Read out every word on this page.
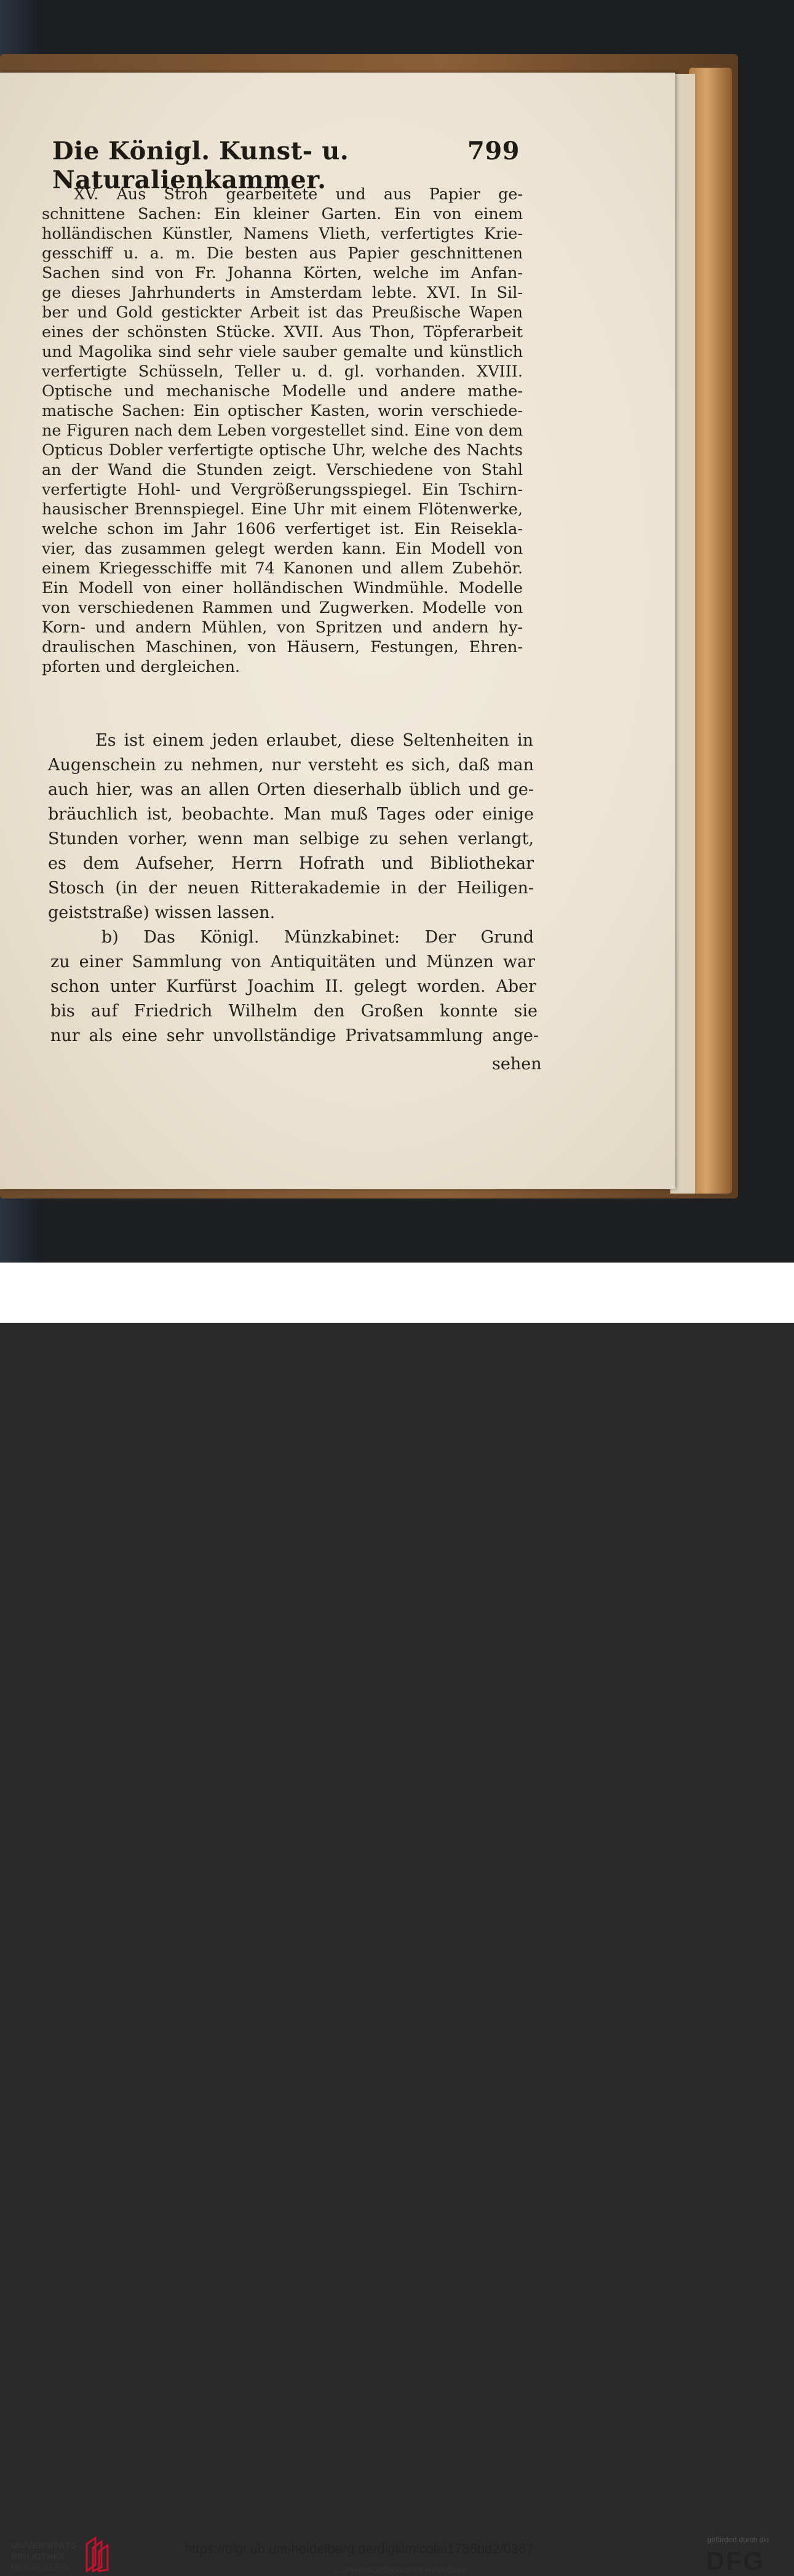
Die Königl. Kunst- u. Naturalienkammer.
799
XV. Aus Stroh gearbeitete und aus Papier ge-
schnittene Sachen: Ein kleiner Garten. Ein von einem
holländischen Künstler, Namens Vlieth, verfertigtes Krie-
gesschiff u. a. m. Die besten aus Papier geschnittenen
Sachen sind von Fr. Johanna Körten, welche im Anfan-
ge dieses Jahrhunderts in Amsterdam lebte. XVI. In Sil-
ber und Gold gestickter Arbeit ist das Preußische Wapen
eines der schönsten Stücke. XVII. Aus Thon, Töpferarbeit
und Magolika sind sehr viele sauber gemalte und künstlich
verfertigte Schüsseln, Teller u. d. gl. vorhanden. XVIII.
Optische und mechanische Modelle und andere mathe-
matische Sachen: Ein optischer Kasten, worin verschiede-
ne Figuren nach dem Leben vorgestellet sind. Eine von dem
Opticus Dobler verfertigte optische Uhr, welche des Nachts
an der Wand die Stunden zeigt. Verschiedene von Stahl
verfertigte Hohl- und Vergrößerungsspiegel. Ein Tschirn-
hausischer Brennspiegel. Eine Uhr mit einem Flötenwerke,
welche schon im Jahr 1606 verfertiget ist. Ein Reisekla-
vier, das zusammen gelegt werden kann. Ein Modell von
einem Kriegesschiffe mit 74 Kanonen und allem Zubehör.
Ein Modell von einer holländischen Windmühle. Modelle
von verschiedenen Rammen und Zugwerken. Modelle von
Korn- und andern Mühlen, von Spritzen und andern hy-
draulischen Maschinen, von Häusern, Festungen, Ehren-
pforten und dergleichen.
Es ist einem jeden erlaubet, diese Seltenheiten in
Augenschein zu nehmen, nur versteht es sich, daß man
auch hier, was an allen Orten dieserhalb üblich und ge-
bräuchlich ist, beobachte. Man muß Tages oder einige
Stunden vorher, wenn man selbige zu sehen verlangt,
es dem Aufseher, Herrn Hofrath und Bibliothekar
Stosch (in der neuen Ritterakademie in der Heiligen-
geiststraße) wissen lassen.
b) Das Königl. Münzkabinet: Der Grund
zu einer Sammlung von Antiquitäten und Münzen war
schon unter Kurfürst Joachim II. gelegt worden. Aber
bis auf Friedrich Wilhelm den Großen konnte sie
nur als eine sehr unvollständige Privatsammlung ange-
sehen
UNIVERSITÄTS-
BIBLIOTHEK
HEIDELBERG
https://digi.ub.uni-heidelberg.de/diglit/nicolai1786bd2/0367
© Universitätsbibliothek Heidelberg
gefördert durch die
DFG
